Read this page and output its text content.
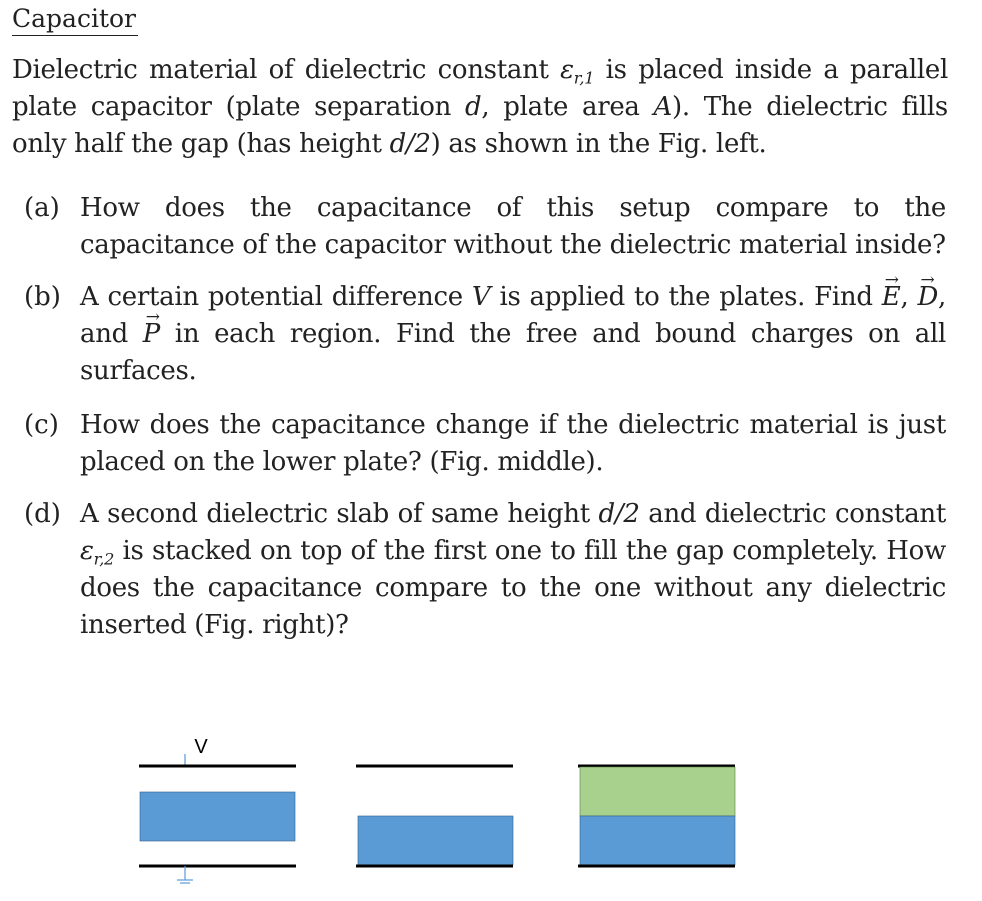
Capacitor
Dielectric material of dielectric constant $\varepsilon_{r,1}$ is placed inside a parallel plate capacitor (plate separation d, plate area A). The dielectric fills only half the gap (has height d/2) as shown in the Fig. left.
(a) How does the capacitance of this setup compare to the capacitance of the capacitor without the dielectric material inside?
(b) A certain potential difference V is applied to the plates. Find → E, → D, and → P in each region. Find the free and bound charges on all surfaces.
(c) How does the capacitance change if the dielectric material is just placed on the lower plate? (Fig. middle).
(d) A second dielectric slab of same height d/2 and dielectric constant $\varepsilon_{r,2}$ is stacked on top of the first one to fill the gap completely. How does the capacitance compare to the one without any dielectric inserted (Fig. right)?
V
